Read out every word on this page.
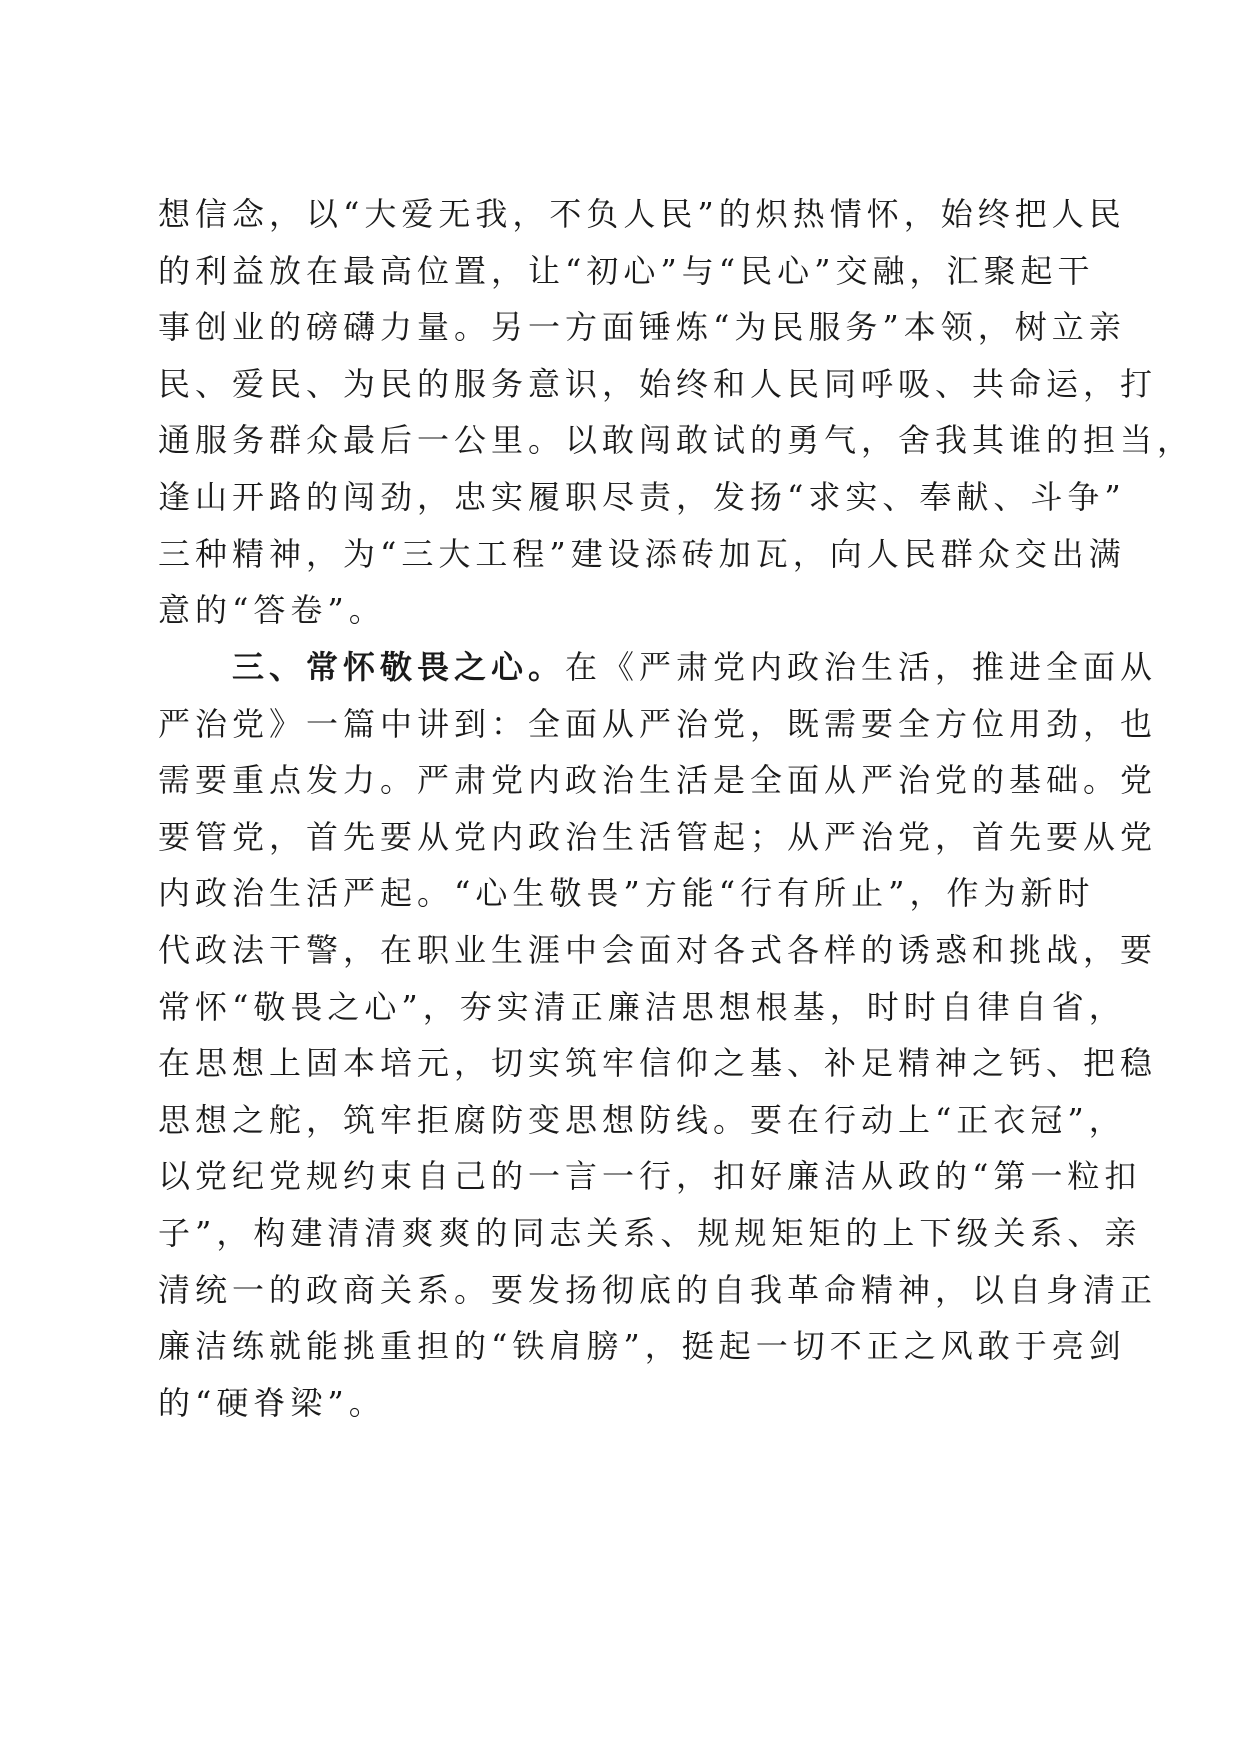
想信念，以“大爱无我，不负人民”的炽热情怀，始终把人民
的利益放在最高位置，让“初心”与“民心”交融，汇聚起干
事创业的磅礴力量。另一方面锤炼“为民服务”本领，树立亲
民、爱民、为民的服务意识，始终和人民同呼吸、共命运，打
通服务群众最后一公里。以敢闯敢试的勇气，舍我其谁的担当，
逢山开路的闯劲，忠实履职尽责，发扬“求实、奉献、斗争”
三种精神，为“三大工程”建设添砖加瓦，向人民群众交出满
意的“答卷”。
　　三、常怀敬畏之心。在《严肃党内政治生活，推进全面从
严治党》一篇中讲到：全面从严治党，既需要全方位用劲，也
需要重点发力。严肃党内政治生活是全面从严治党的基础。党
要管党，首先要从党内政治生活管起；从严治党，首先要从党
内政治生活严起。“心生敬畏”方能“行有所止”，作为新时
代政法干警，在职业生涯中会面对各式各样的诱惑和挑战，要
常怀“敬畏之心”，夯实清正廉洁思想根基，时时自律自省，
在思想上固本培元，切实筑牢信仰之基、补足精神之钙、把稳
思想之舵，筑牢拒腐防变思想防线。要在行动上“正衣冠”，
以党纪党规约束自己的一言一行，扣好廉洁从政的“第一粒扣
子”，构建清清爽爽的同志关系、规规矩矩的上下级关系、亲
清统一的政商关系。要发扬彻底的自我革命精神，以自身清正
廉洁练就能挑重担的“铁肩膀”，挺起一切不正之风敢于亮剑
的“硬脊梁”。
